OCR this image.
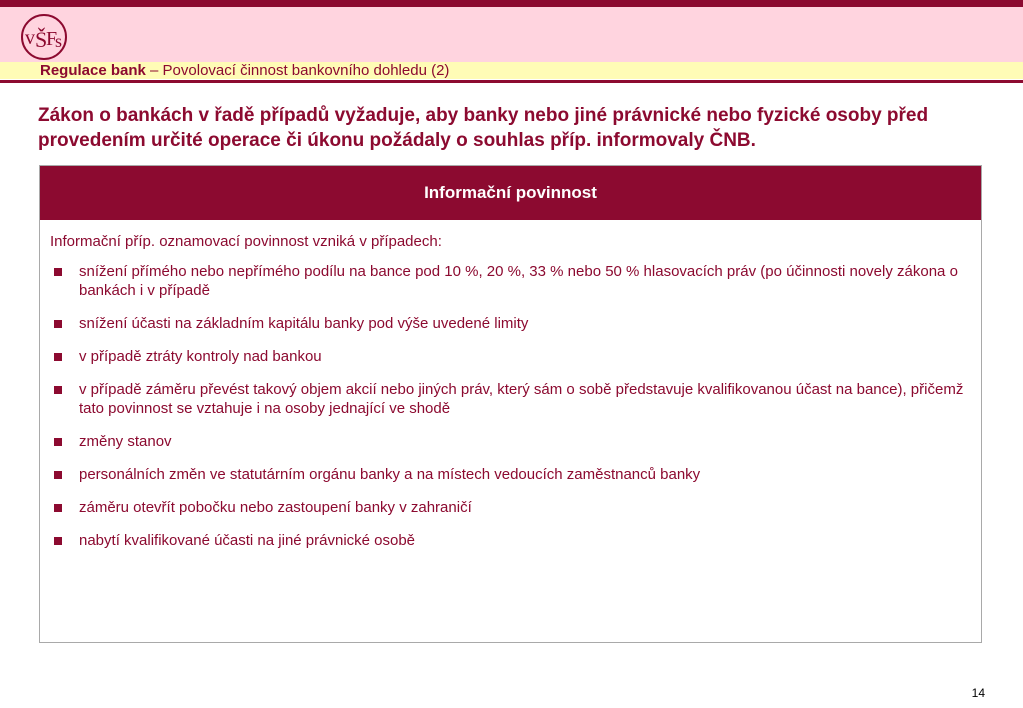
v Š
F
s
Regulace bank – Povolovací činnost bankovního dohledu (2)
Zákon o bankách v řadě případů vyžaduje, aby banky nebo jiné právnické nebo fyzické osoby před provedením určité operace či úkonu požádaly o souhlas příp. informovaly ČNB.
Informační povinnost

Informační příp. oznamovací povinnost vzniká v případech:

snížení přímého nebo nepřímého podílu na bance pod 10 %, 20 %, 33 % nebo 50 % hlasovacích práv (po účinnosti novely zákona o bankách i v případě
snížení účasti na základním kapitálu banky pod výše uvedené limity
v případě ztráty kontroly nad bankou
v případě záměru převést takový objem akcií nebo jiných práv, který sám o sobě představuje kvalifikovanou účast na bance), přičemž tato povinnost se vztahuje i na osoby jednající ve shodě
změny stanov
personálních změn ve statutárním orgánu banky a na místech vedoucích zaměstnanců banky
záměru otevřít pobočku nebo zastoupení banky v zahraničí
nabytí kvalifikované účasti na jiné právnické osobě
14
